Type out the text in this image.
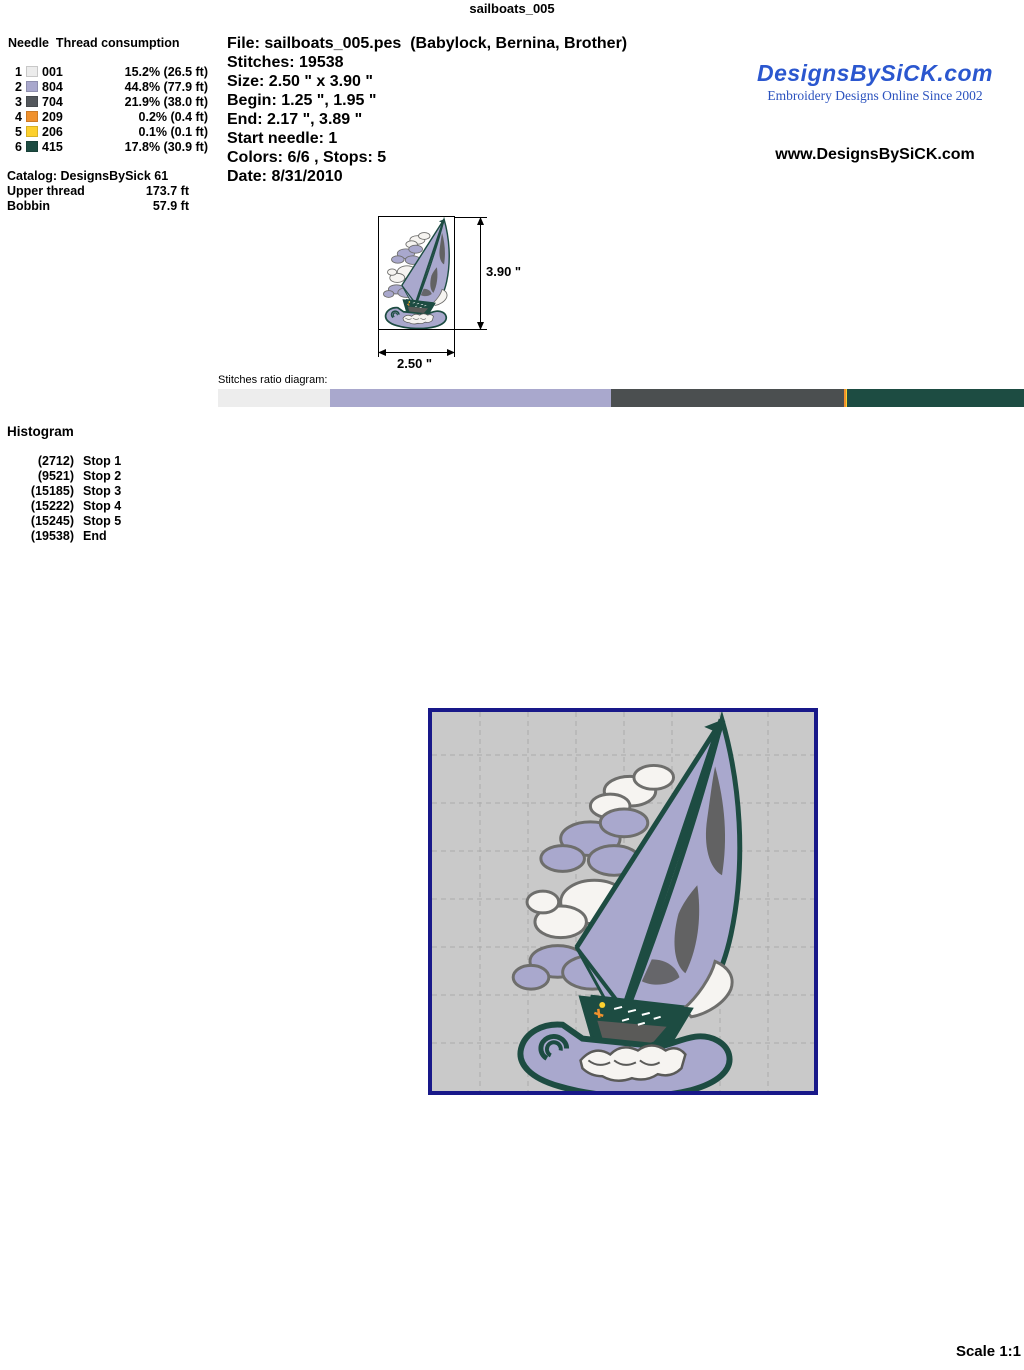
sailboats_005
Needle  Thread consumption
1 001	15.2% (26.5 ft)
2 804	44.8% (77.9 ft)
3 704	21.9% (38.0 ft)
4 209	0.2% (0.4 ft)
5 206	0.1% (0.1 ft)
6 415	17.8% (30.9 ft)
Catalog: DesignsBySick 61
Upper thread	173.7 ft
Bobbin	57.9 ft
File: sailboats_005.pes  (Babylock, Bernina, Brother)
Stitches: 19538
Size: 2.50 " x 3.90 "
Begin: 1.25 ", 1.95 "
End: 2.17 ", 3.89 "
Start needle: 1
Colors: 6/6 , Stops: 5
Date: 8/31/2010
DesignsBySiCK.com
Embroidery Designs Online Since 2002
www.DesignsBySiCK.com
3.90 "
2.50 "
Stitches ratio diagram:
Histogram
(2712) Stop 1
(9521) Stop 2
(15185) Stop 3
(15222) Stop 4
(15245) Stop 5
(19538) End
Scale 1:1
